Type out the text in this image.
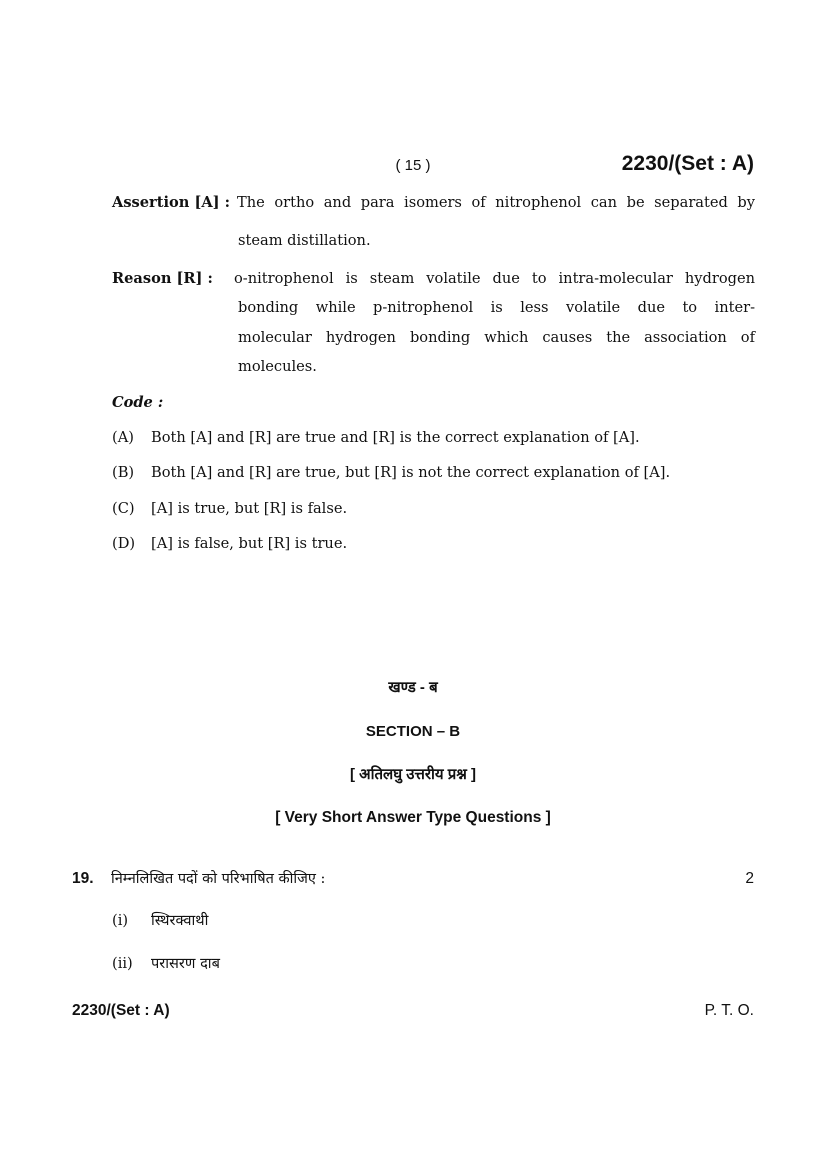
( 15 )	2230/(Set : A)
Assertion [A] : The ortho and para isomers of nitrophenol can be separated by
steam distillation.
Reason [R] : o-nitrophenol is steam volatile due to intra-molecular hydrogen
bonding while p-nitrophenol is less volatile due to inter-
molecular hydrogen bonding which causes the association of
molecules.
Code :
(A) Both [A] and [R] are true and [R] is the correct explanation of [A].
(B) Both [A] and [R] are true, but [R] is not the correct explanation of [A].
(C) [A] is true, but [R] is false.
(D) [A] is false, but [R] is true.
खण्ड - ब
SECTION – B
[ अतिलघु उत्तरीय प्रश्न ]
[ Very Short Answer Type Questions ]
19. निम्नलिखित पदों को परिभाषित कीजिए :	2
(i) स्थिरक्वाथी
(ii) परासरण दाब
2230/(Set : A)	P. T. O.
